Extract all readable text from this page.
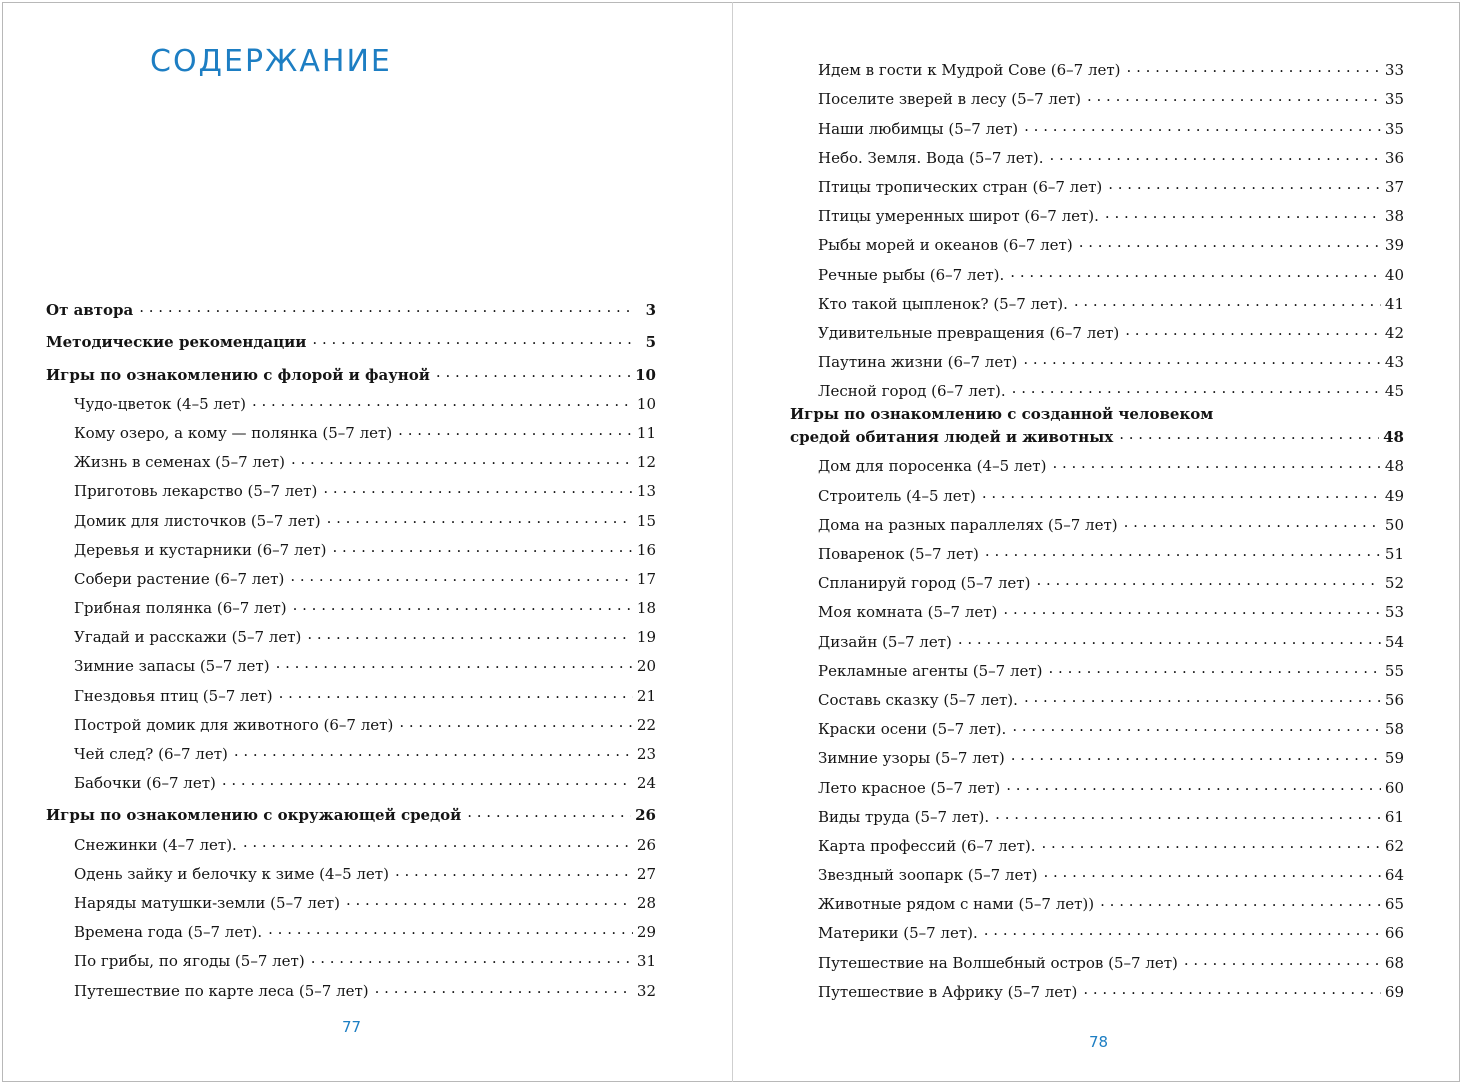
СОДЕРЖАНИЕ
От автора . . .	3
Методические рекомендации . . .	5
Игры по ознакомлению с флорой и фауной . . .	10
Чудо-цветок (4–5 лет) . . .	10
Кому озеро, а кому — полянка (5–7 лет) . . .	11
Жизнь в семенах (5–7 лет) . . .	12
Приготовь лекарство (5–7 лет) . . .	13
Домик для листочков (5–7 лет) . . .	15
Деревья и кустарники (6–7 лет) . . .	16
Собери растение (6–7 лет) . . .	17
Грибная полянка (6–7 лет) . . .	18
Угадай и расскажи (5–7 лет) . . .	19
Зимние запасы (5–7 лет) . . .	20
Гнездовья птиц (5–7 лет) . . .	21
Построй домик для животного (6–7 лет) . . .	22
Чей след? (6–7 лет) . . .	23
Бабочки (6–7 лет) . . .	24
Игры по ознакомлению с окружающей средой . . .	26
Снежинки (4–7 лет). . . .	26
Одень зайку и белочку к зиме (4–5 лет) . . .	27
Наряды матушки-земли (5–7 лет) . . .	28
Времена года (5–7 лет). . . .	29
По грибы, по ягоды (5–7 лет) . . .	31
Путешествие по карте леса (5–7 лет) . . .	32
Идем в гости к Мудрой Сове (6–7 лет) . . .	33
Поселите зверей в лесу (5–7 лет) . . .	35
Наши любимцы (5–7 лет) . . .	35
Небо. Земля. Вода (5–7 лет). . . .	36
Птицы тропических стран (6–7 лет) . . .	37
Птицы умеренных широт (6–7 лет). . . .	38
Рыбы морей и океанов (6–7 лет) . . .	39
Речные рыбы (6–7 лет). . . .	40
Кто такой цыпленок? (5–7 лет). . . .	41
Удивительные превращения (6–7 лет) . . .	42
Паутина жизни (6–7 лет) . . .	43
Лесной город (6–7 лет). . . .	45
Игры по ознакомлению с созданной человеком
средой обитания людей и животных . . .	48
Дом для поросенка (4–5 лет) . . .	48
Строитель (4–5 лет) . . .	49
Дома на разных параллелях (5–7 лет) . . .	50
Поваренок (5–7 лет) . . .	51
Спланируй город (5–7 лет) . . .	52
Моя комната (5–7 лет) . . .	53
Дизайн (5–7 лет) . . .	54
Рекламные агенты (5–7 лет) . . .	55
Составь сказку (5–7 лет). . . .	56
Краски осени (5–7 лет). . . .	58
Зимние узоры (5–7 лет) . . .	59
Лето красное (5–7 лет) . . .	60
Виды труда (5–7 лет). . . .	61
Карта профессий (6–7 лет). . . .	62
Звездный зоопарк (5–7 лет) . . .	64
Животные рядом с нами (5–7 лет)) . . .	65
Материки (5–7 лет). . . .	66
Путешествие на Волшебный остров (5–7 лет) . . .	68
Путешествие в Африку (5–7 лет) . . .	69
77
78
